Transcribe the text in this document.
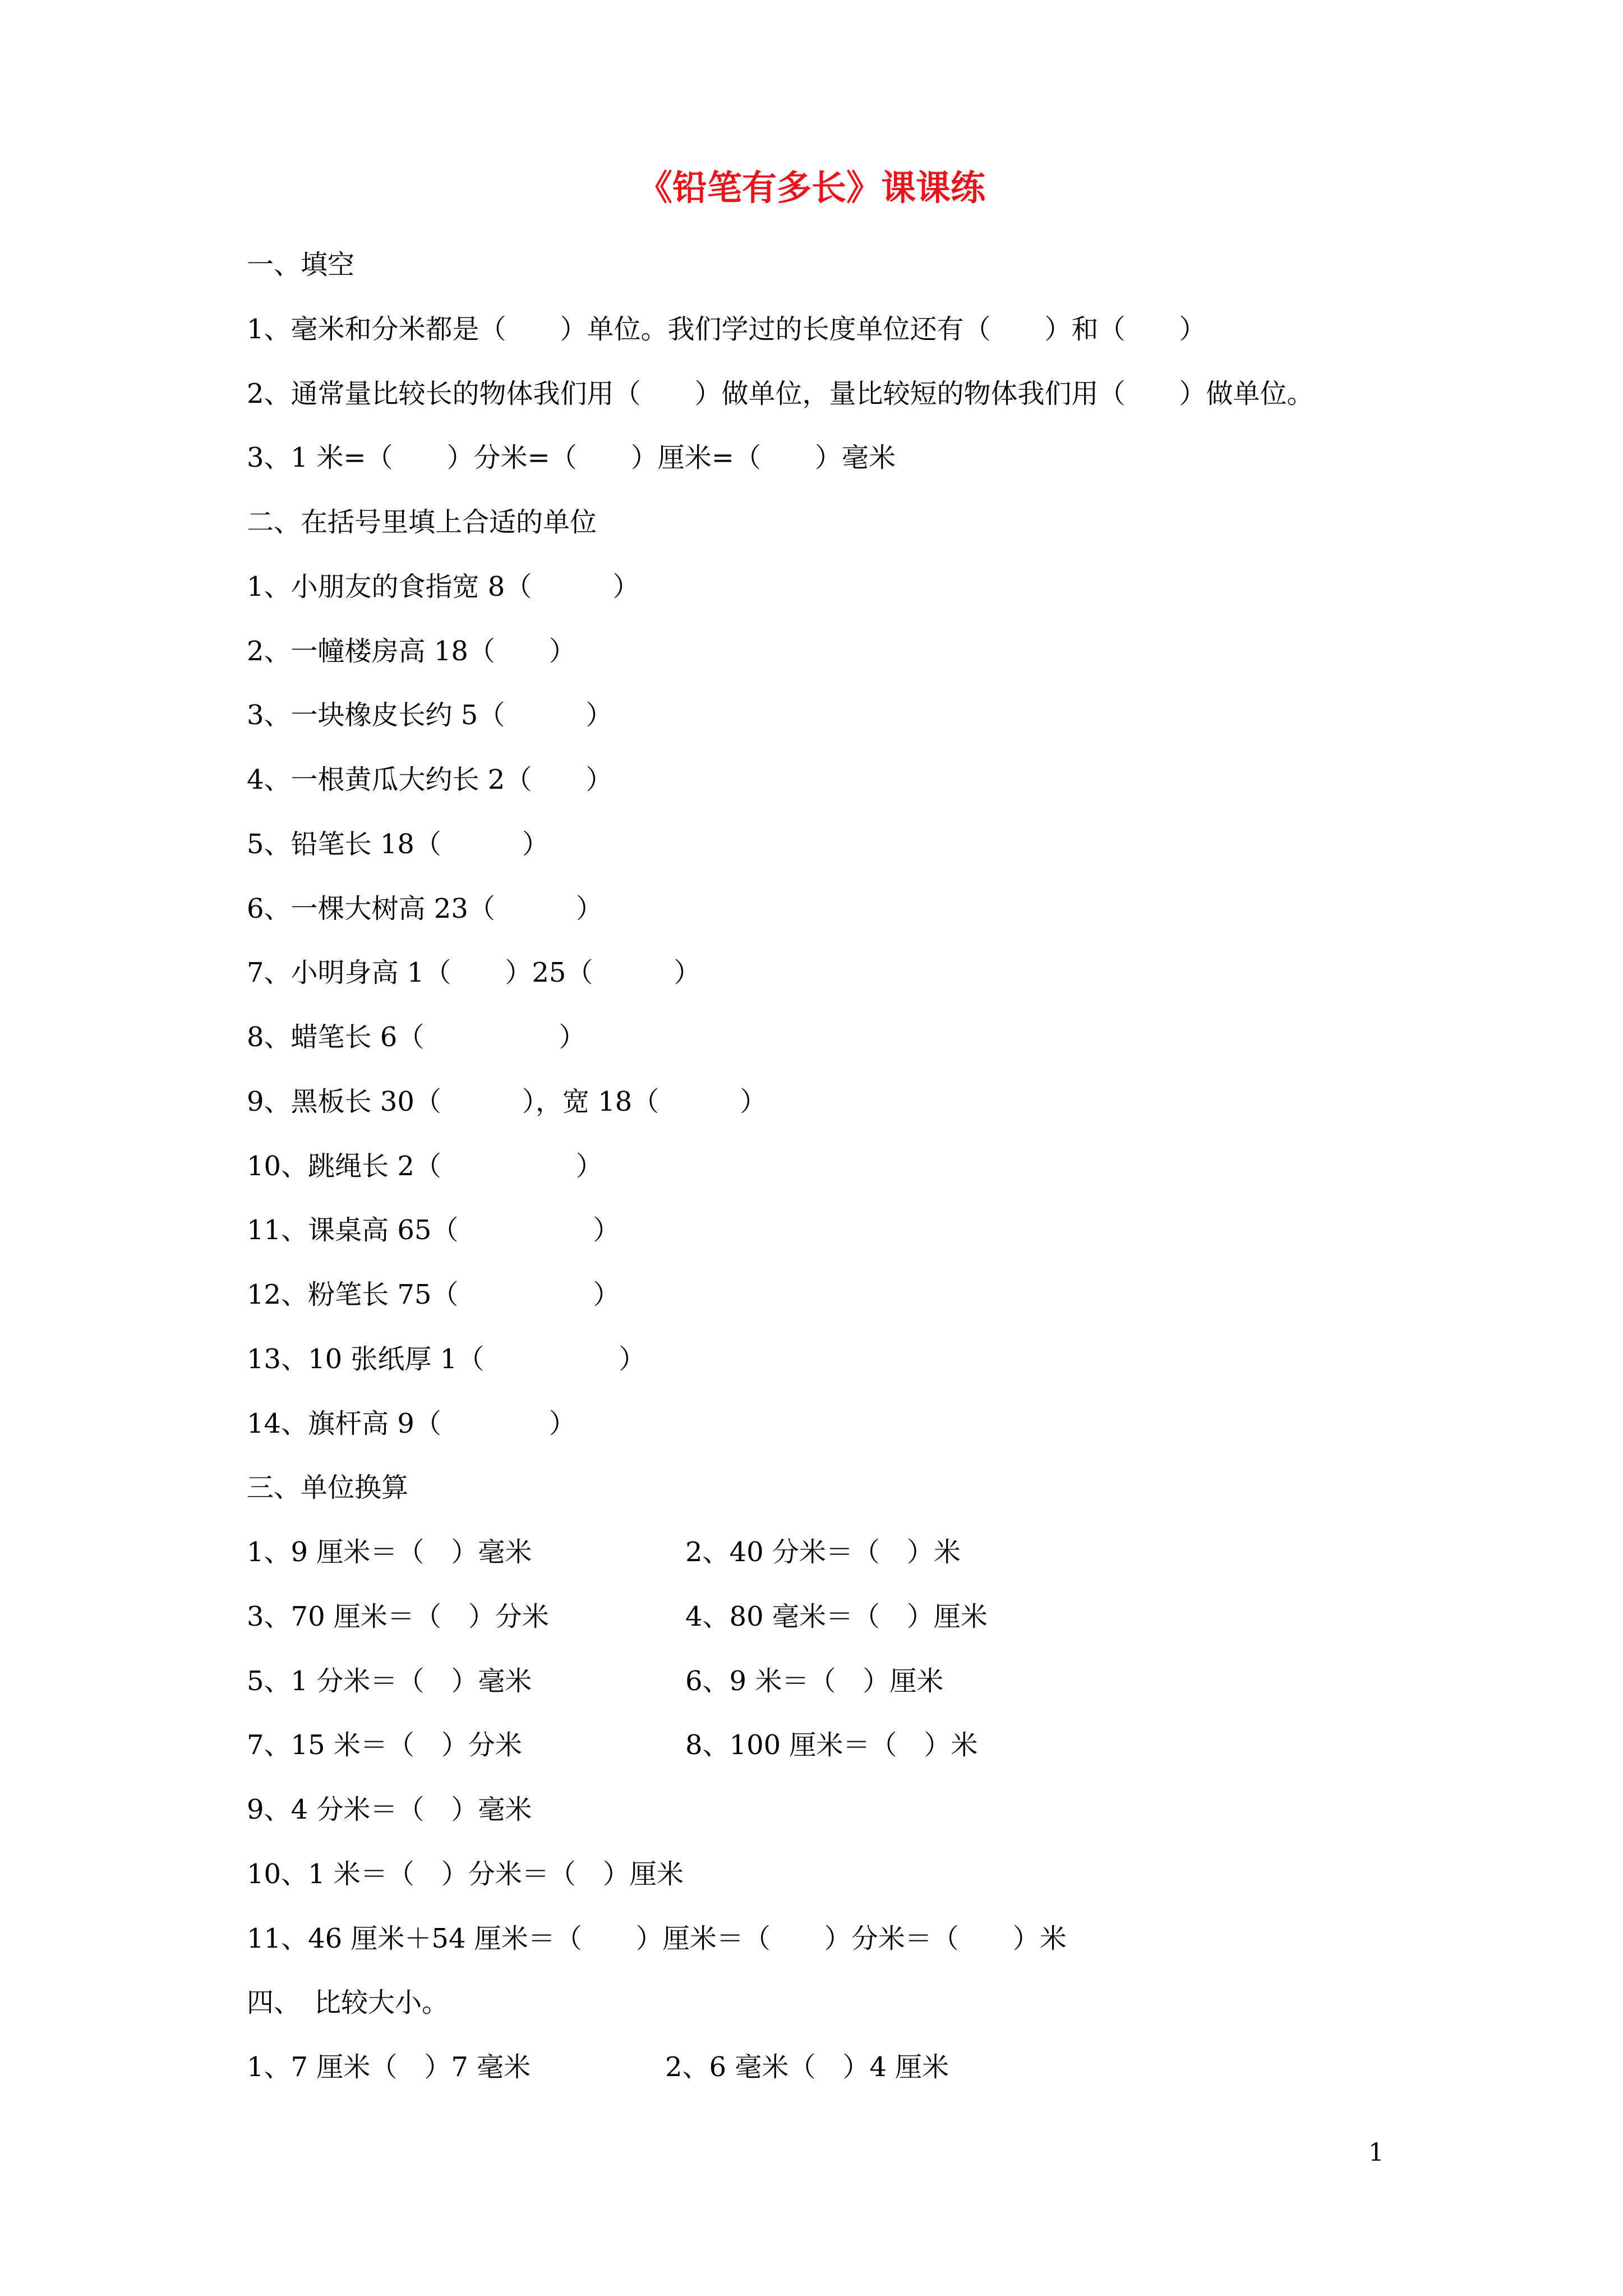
《铅笔有多长》课课练
一、填空
1、毫米和分米都是（　　）单位。我们学过的长度单位还有（　　）和（　　）
2、通常量比较长的物体我们用（　　）做单位，量比较短的物体我们用（　　）做单位。
3、1 米=（　　）分米=（　　）厘米=（　　）毫米
二、在括号里填上合适的单位
1、小朋友的食指宽 8（　　　）
2、一幢楼房高 18（　　）
3、一块橡皮长约 5（　　　）
4、一根黄瓜大约长 2（　　）
5、铅笔长 18（　　　）
6、一棵大树高 23（　　　）
7、小明身高 1（　　）25（　　　）
8、蜡笔长 6（　　　　　）
9、黑板长 30（　　　），宽 18（　　　）
10、跳绳长 2（　　　　　）
11、课桌高 65（　　　　　）
12、粉笔长 75（　　　　　）
13、10 张纸厚 1（　　　　　）
14、旗杆高 9（　　　　）
三、单位换算
1、9 厘米＝（　）毫米	2、40 分米＝（　）米
3、70 厘米＝（　）分米	4、80 毫米＝（　）厘米
5、1 分米＝（　）毫米	6、9 米＝（　）厘米
7、15 米＝（　）分米	8、100 厘米＝（　）米
9、4 分米＝（　）毫米
10、1 米＝（　）分米＝（　）厘米
11、46 厘米＋54 厘米＝（　　）厘米＝（　　）分米＝（　　）米
四、　比较大小。
1、7 厘米（　）7 毫米	2、6 毫米（　）4 厘米
1
